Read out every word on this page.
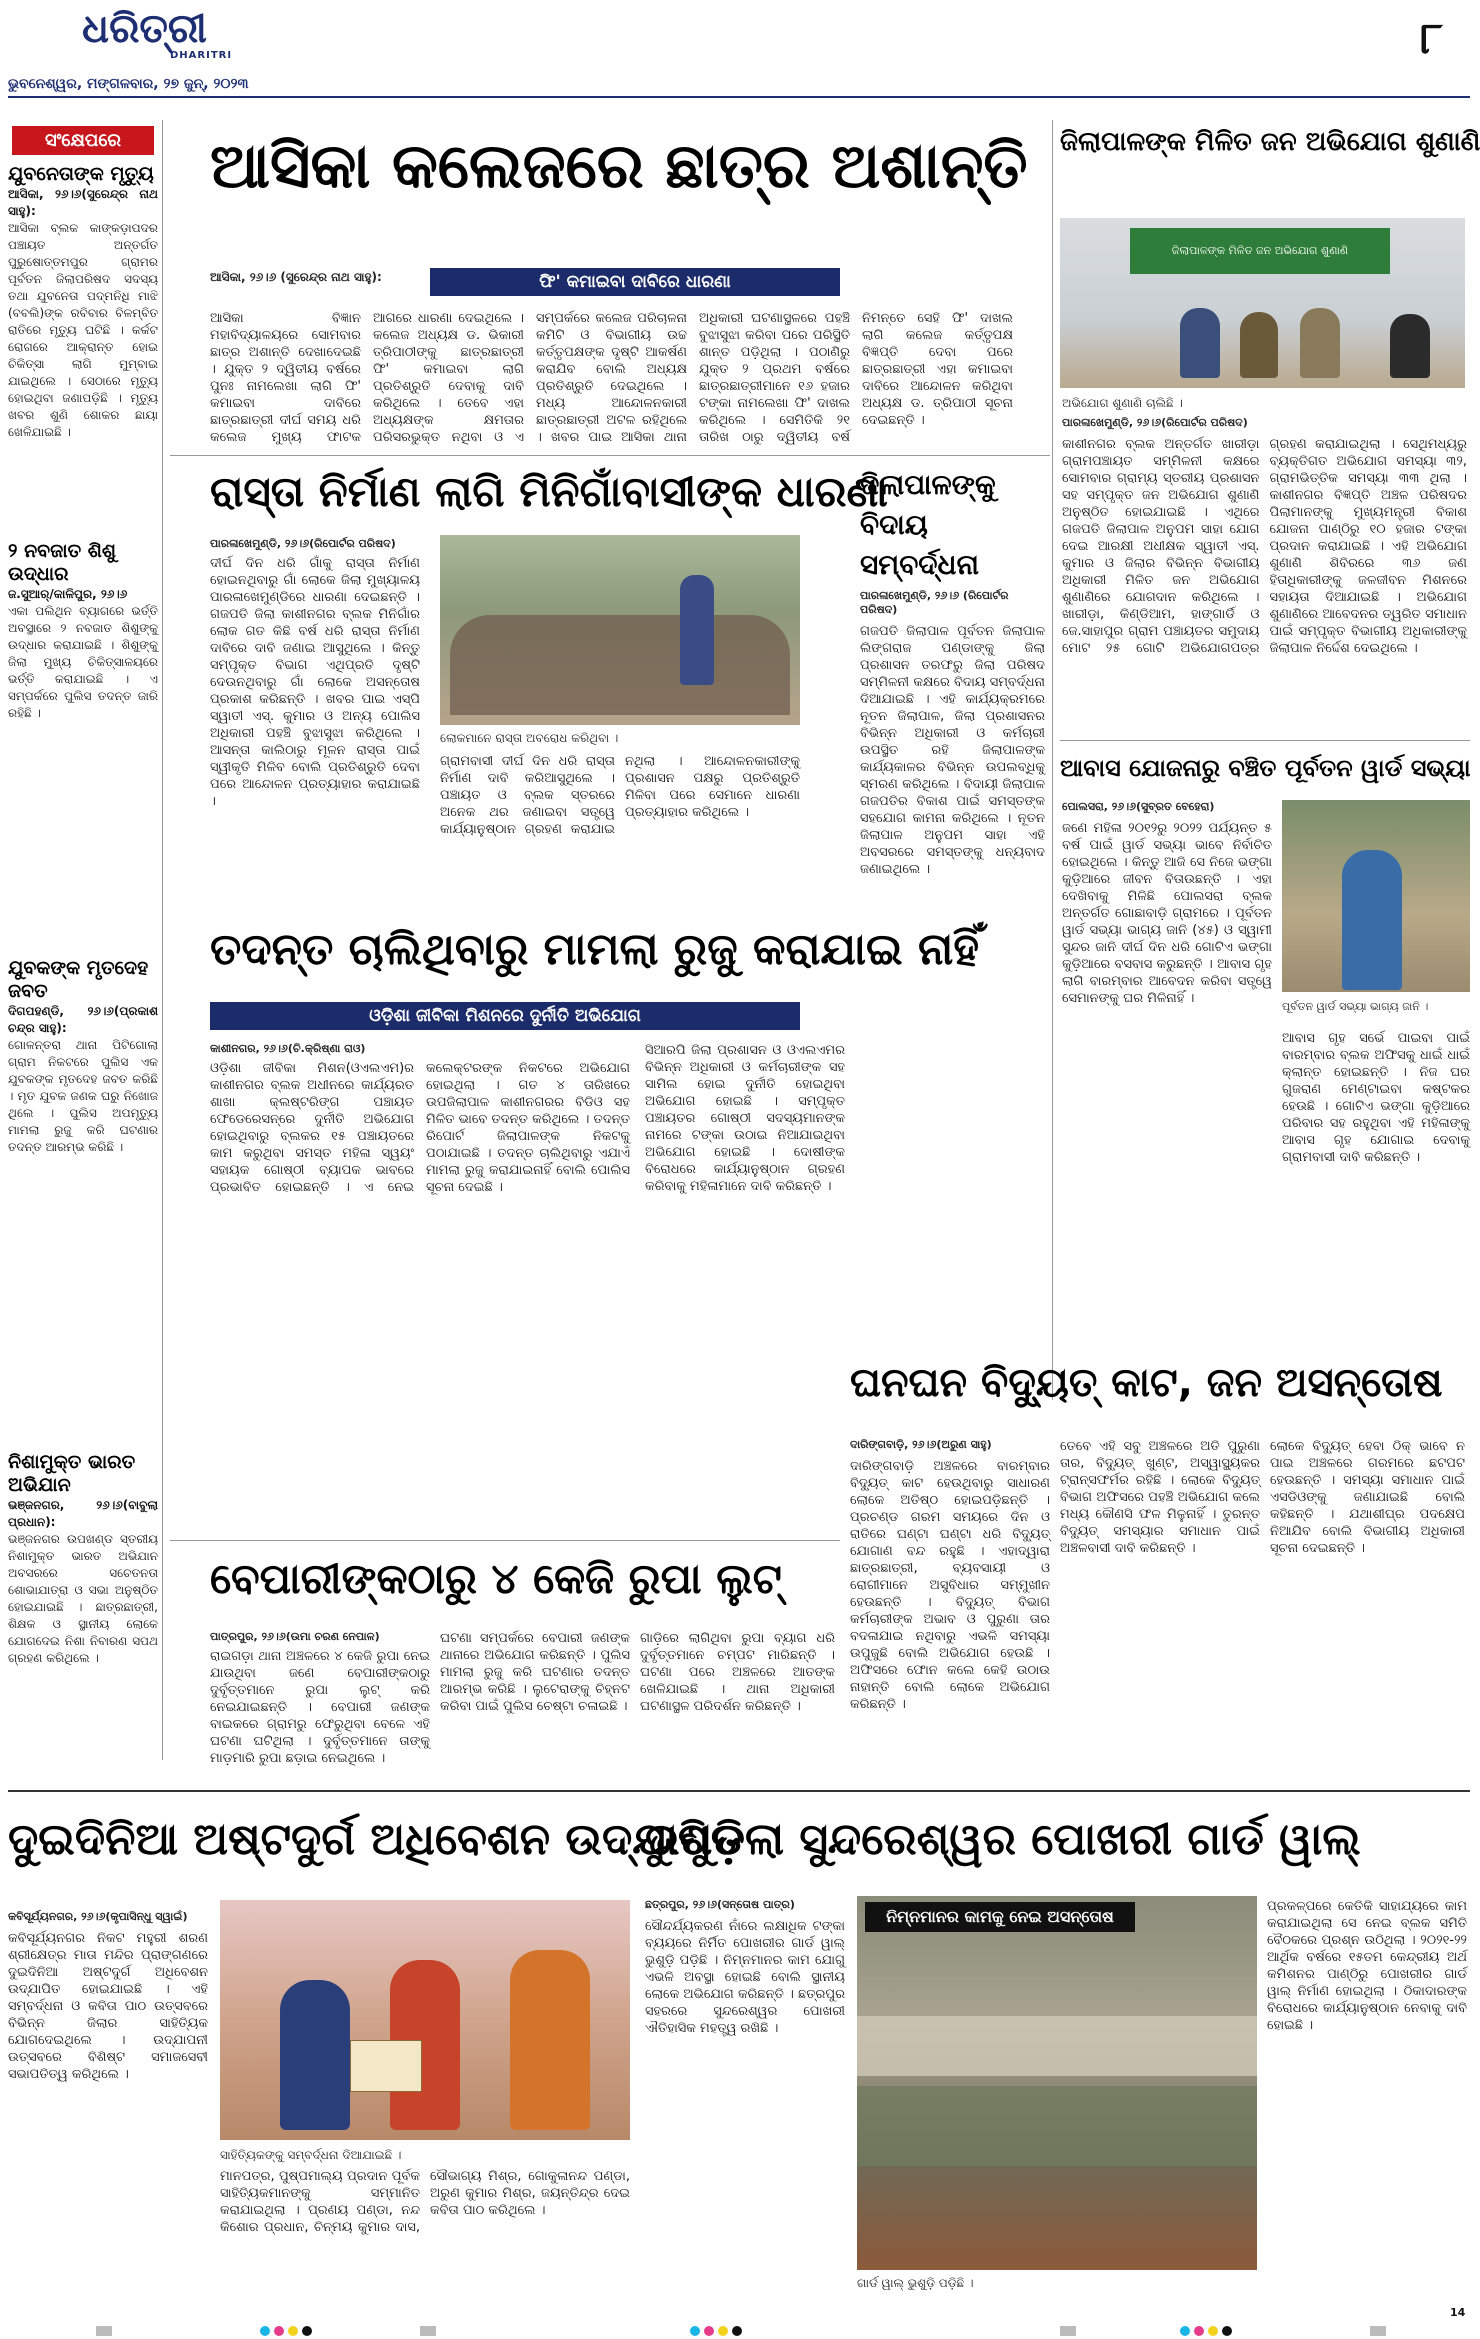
ଧରିତ୍ରୀ
DHARITRI
ଭୁବନେଶ୍ୱର, ମଙ୍ଗଳବାର, ୨୭ ଜୁନ୍, ୨୦୨୩
୮
ସଂକ୍ଷେପରେ
ଯୁବନେତାଙ୍କ ମୃତ୍ୟୁ
ଆସିକା, ୨୬।୬(ସୁରେନ୍ଦ୍ର ନାଥ ସାହୁ):
ଆସିକା ବ୍ଲକ କାଙ୍କଡ଼ାପଦର ପଞ୍ଚାୟତ ଅନ୍ତର୍ଗତ ପୁରୁଷୋତ୍ତମପୁର ଗ୍ରାମର ପୂର୍ବତନ ଜିଲାପରିଷଦ ସଦସ୍ୟ ତଥା ଯୁବନେତା ପଦ୍ମନିଧି ମାଝି (ବବଲି)ଙ୍କ ରବିବାର ବିଳମ୍ବିତ ରାତିରେ ମୃତ୍ୟୁ ଘଟିଛି । କର୍କଟ ରୋଗରେ ଆକ୍ରାନ୍ତ ହୋଇ ଚିକିତ୍ସା ଲାଗି ମୁମ୍ବାଇ ଯାଇଥିଲେ । ସେଠାରେ ମୃତ୍ୟୁ ହୋଇଥିବା ଜଣାପଡ଼ିଛି । ମୃତ୍ୟୁ ଖବର ଶୁଣି ଶୋକର ଛାୟା ଖେଳିଯାଇଛି ।
୨ ନବଜାତ ଶିଶୁ ଉଦ୍ଧାର
ଜ.ସୁଆର୍/କାଳିପୁର, ୨୬।୬
ଏକା ପଲିଥିନ ବ୍ୟାଗରେ ଭର୍ତ୍ତି ଅବସ୍ଥାରେ ୨ ନବଜାତ ଶିଶୁଙ୍କୁ ଉଦ୍ଧାର କରାଯାଇଛି । ଶିଶୁଙ୍କୁ ଜିଲା ମୁଖ୍ୟ ଚିକିତ୍ସାଳୟରେ ଭର୍ତ୍ତି କରାଯାଇଛି । ଏ ସମ୍ପର୍କରେ ପୁଲିସ ତଦନ୍ତ ଜାରି ରହିଛି ।
ଯୁବକଙ୍କ ମୃତଦେହ ଜବତ
ଦିଗପହଣ୍ଡି, ୨୬।୬(ପ୍ରକାଶ ଚନ୍ଦ୍ର ସାହୁ):
ଗୋଳନ୍ତରା ଥାନା ପିଟିଗୋଲା ଗ୍ରାମ ନିକଟରେ ପୁଲିସ ଏକ ଯୁବକଙ୍କ ମୃତଦେହ ଜବତ କରିଛି । ମୃତ ଯୁବକ ଜଣକ ଘରୁ ନିଖୋଜ ଥିଲେ । ପୁଲିସ ଅପମୃତ୍ୟୁ ମାମଲା ରୁଜୁ କରି ଘଟଣାର ତଦନ୍ତ ଆରମ୍ଭ କରିଛି ।
ନିଶାମୁକ୍ତ ଭାରତ ଅଭିଯାନ
ଭଞ୍ଜନଗର, ୨୬।୬(ବାବୁଲା ପ୍ରଧାନ):
ଭଞ୍ଜନଗର ଉପଖଣ୍ଡ ସ୍ତରୀୟ ନିଶାମୁକ୍ତ ଭାରତ ଅଭିଯାନ ଅବସରରେ ସଚେତନତା ଶୋଭାଯାତ୍ରା ଓ ସଭା ଅନୁଷ୍ଠିତ ହୋଇଯାଇଛି । ଛାତ୍ରଛାତ୍ରୀ, ଶିକ୍ଷକ ଓ ସ୍ଥାନୀୟ ଲୋକେ ଯୋଗଦେଇ ନିଶା ନିବାରଣ ସପଥ ଗ୍ରହଣ କରିଥିଲେ ।
ଆସିକା କଲେଜରେ ଛାତ୍ର ଅଶାନ୍ତି
ଆସିକା, ୨୬।୬ (ସୁରେନ୍ଦ୍ର ନାଥ ସାହୁ):	ଫି' କମାଇବା ଦାବିରେ ଧାରଣା
ଆସିକା ବିଜ୍ଞାନ ମହାବିଦ୍ୟାଳୟରେ ସୋମବାର ଛାତ୍ର ଅଶାନ୍ତି ଦେଖାଦେଇଛି । ଯୁକ୍ତ ୨ ଦ୍ୱିତୀୟ ବର୍ଷରେ ପୁନଃ ନାମଲେଖା ଲାଗି ଫି' କମାଇବା ଦାବିରେ ଛାତ୍ରଛାତ୍ରୀ ଦୀର୍ଘ ସମୟ ଧରି କଲେଜ ମୁଖ୍ୟ ଫାଟକ ଆଗରେ ଧାରଣା ଦେଇଥିଲେ । କଲେଜ ଅଧ୍ୟକ୍ଷ ଡ. ଭିକାରୀ ତ୍ରିପାଠୀଙ୍କୁ ଛାତ୍ରଛାତ୍ରୀ ଫି' କମାଇବା ଲାଗି ପ୍ରତିଶ୍ରୁତି ଦେବାକୁ ଦାବି କରିଥିଲେ । ତେବେ ଏହା ଅଧ୍ୟକ୍ଷଙ୍କ କ୍ଷମତାର ପରିସରଭୁକ୍ତ ନଥିବା ଓ ଏ ସମ୍ପର୍କରେ କଲେଜ ପରିଚାଳନା କମିଟି ଓ ବିଭାଗୀୟ ଉଚ୍ଚ କର୍ତ୍ତୃପକ୍ଷଙ୍କ ଦୃଷ୍ଟି ଆକର୍ଷଣ କରାଯିବ ବୋଲି ଅଧ୍ୟକ୍ଷ ପ୍ରତିଶ୍ରୁତି ଦେଇଥିଲେ । ମଧ୍ୟ ଆନ୍ଦୋଳନକାରୀ ଛାତ୍ରଛାତ୍ରୀ ଅଟଳ ରହିଥିଲେ । ଖବର ପାଇ ଆସିକା ଥାନା ଅଧିକାରୀ ଘଟଣାସ୍ଥଳରେ ପହଞ୍ଚି ବୁଝାସୁଝା କରିବା ପରେ ପରିସ୍ଥିତି ଶାନ୍ତ ପଡ଼ିଥିଲା । ପଠାଣିରୁ ଯୁକ୍ତ ୨ ପ୍ରଥମ ବର୍ଷରେ ଛାତ୍ରଛାତ୍ରୀମାନେ ୧୬ ହଜାର ଟଙ୍କା ନାମଲେଖା ଫି' ଦାଖଲ କରିଥିଲେ । ସେମିତିକି ୨୧ ତାରିଖ ଠାରୁ ଦ୍ୱିତୀୟ ବର୍ଷ ନିମନ୍ତେ ସେହି ଫି' ଦାଖଲ ଲାଗି କଲେଜ କର୍ତ୍ତୃପକ୍ଷ ବିଜ୍ଞପ୍ତି ଦେବା ପରେ ଛାତ୍ରଛାତ୍ରୀ ଏହା କମାଇବା ଦାବିରେ ଆନ୍ଦୋଳନ କରିଥିବା ଅଧ୍ୟକ୍ଷ ଡ. ତ୍ରିପାଠୀ ସୂଚନା ଦେଇଛନ୍ତି ।
ଜିଲାପାଳଙ୍କ ମିଳିତ ଜନ ଅଭିଯୋଗ ଶୁଣାଣି
ଜିଲାପାଳଙ୍କ ମିଳିତ ଜନ ଅଭିଯୋଗ ଶୁଣାଣି
ଅଭିଯୋଗ ଶୁଣାଣି ଚାଲିଛି ।
ପାରଳାଖେମୁଣ୍ଡି, ୨୬।୬(ରିପୋର୍ଟର ପରିଷଦ)
କାଶୀନଗର ବ୍ଲକ ଅନ୍ତର୍ଗତ ଖାରୀଡ଼ା ଗ୍ରାମପଞ୍ଚାୟତ ସମ୍ମିଳନୀ କକ୍ଷରେ ସୋମବାର ଗ୍ରାମ୍ୟ ସ୍ତରୀୟ ପ୍ରଶାସନ ସହ ସମ୍ପୃକ୍ତ ଜନ ଅଭିଯୋଗ ଶୁଣାଣି ଅନୁଷ୍ଠିତ ହୋଇଯାଇଛି । ଏଥିରେ ଗଜପତି ଜିଲାପାଳ ଅନୁପମ ସାହା ଯୋଗ ଦେଇ ଆରକ୍ଷୀ ଅଧୀକ୍ଷକ ସ୍ୱାତୀ ଏସ୍. କୁମାର ଓ ଜିଲାର ବିଭିନ୍ନ ବିଭାଗୀୟ ଅଧିକାରୀ ମିଳିତ ଜନ ଅଭିଯୋଗ ଶୁଣାଣିରେ ଯୋଗଦାନ କରିଥିଲେ । ଖାରୀଡ଼ା, କିଣ୍ଡିଆମ, ହାଙ୍ଗାର୍ଡି ଓ ଜେ.ସାହାପୁର ଗ୍ରାମ ପଞ୍ଚାୟତର ସମୁଦାୟ ମୋଟ ୨୫ ଗୋଟି ଅଭିଯୋଗପତ୍ର ଗ୍ରହଣ କରାଯାଇଥିଲା । ସେଥିମଧ୍ୟରୁ ବ୍ୟକ୍ତିଗତ ଅଭିଯୋଗ ସମସ୍ୟା ୩୨, ଗ୍ରାମଭିତ୍ତିକ ସମସ୍ୟା ୩୩ ଥିଲା । କାଶୀନଗର ବିଜ୍ଞପ୍ତି ଅଞ୍ଚଳ ପରିଷଦର ପିଲାମାନଙ୍କୁ ମୁଖ୍ୟମନ୍ତ୍ରୀ ବିକାଶ ଯୋଜନା ପାଣ୍ଠିରୁ ୧୦ ହଜାର ଟଙ୍କା ପ୍ରଦାନ କରାଯାଇଛି । ଏହି ଅଭିଯୋଗ ଶୁଣାଣି ଶିବିରରେ ୩୬ ଜଣ ହିତାଧିକାରୀଙ୍କୁ ଜଳଜୀବନ ମିଶନରେ ସହାୟତା ଦିଆଯାଇଛି । ଅଭିଯୋଗ ଶୁଣାଣିରେ ଆବେଦନର ତ୍ୱରିତ ସମାଧାନ ପାଇଁ ସମ୍ପୃକ୍ତ ବିଭାଗୀୟ ଅଧିକାରୀଙ୍କୁ ଜିଲାପାଳ ନିର୍ଦ୍ଦେଶ ଦେଇଥିଲେ ।
ରାସ୍ତା ନିର୍ମାଣ ଲାଗି ମିନିଗାଁବାସୀଙ୍କ ଧାରଣା
ପାରଳାଖେମୁଣ୍ଡି, ୨୬।୬(ରିପୋର୍ଟର ପରିଷଦ)
ଦୀର୍ଘ ଦିନ ଧରି ଗାଁକୁ ରାସ୍ତା ନିର୍ମାଣ ହୋଇନଥିବାରୁ ଗାଁ ଲୋକେ ଜିଲା ମୁଖ୍ୟାଳୟ ପାରଳାଖେମୁଣ୍ଡିରେ ଧାରଣା ଦେଇଛନ୍ତି । ଗଜପତି ଜିଲା କାଶୀନଗର ବ୍ଲକ ମିନିଗାଁର ଲୋକ ଗତ କିଛି ବର୍ଷ ଧରି ରାସ୍ତା ନିର୍ମାଣ ଦାବିରେ ଦାବି ଜଣାଇ ଆସୁଥିଲେ । କିନ୍ତୁ ସମ୍ପୃକ୍ତ ବିଭାଗ ଏଥିପ୍ରତି ଦୃଷ୍ଟି ଦେଉନଥିବାରୁ ଗାଁ ଲୋକେ ଅସନ୍ତୋଷ ପ୍ରକାଶ କରିଛନ୍ତି । ଖବର ପାଇ ଏସ୍ପି ସ୍ୱାତୀ ଏସ୍. କୁମାର ଓ ଅନ୍ୟ ପୋଲିସ ଅଧିକାରୀ ପହଞ୍ଚି ବୁଝାସୁଝା କରିଥିଲେ । ଆସନ୍ତା କାଲିଠାରୁ ମୂଳନ ରାସ୍ତା ପାଇଁ ସ୍ୱୀକୃତି ମିଳିବ ବୋଲି ପ୍ରତିଶ୍ରୁତି ଦେବା ପରେ ଆନ୍ଦୋଳନ ପ୍ରତ୍ୟାହାର କରାଯାଇଛି ।
ଲୋକମାନେ ରାସ୍ତା ଅବରୋଧ କରିଥିବା ।
ଗ୍ରାମବାସୀ ଦୀର୍ଘ ଦିନ ଧରି ରାସ୍ତା ନିର୍ମାଣ ଦାବି କରିଆସୁଥିଲେ । ପଞ୍ଚାୟତ ଓ ବ୍ଲକ ସ୍ତରରେ ଅନେକ ଥର ଜଣାଇବା ସତ୍ତ୍ୱେ କାର୍ଯ୍ୟାନୁଷ୍ଠାନ ଗ୍ରହଣ କରାଯାଇ ନଥିଲା । ଆନ୍ଦୋଳନକାରୀଙ୍କୁ ପ୍ରଶାସନ ପକ୍ଷରୁ ପ୍ରତିଶ୍ରୁତି ମିଳିବା ପରେ ସେମାନେ ଧାରଣା ପ୍ରତ୍ୟାହାର କରିଥିଲେ ।
ଜିଲାପାଳଙ୍କୁ ବିଦାୟ ସମ୍ବର୍ଦ୍ଧନା
ପାରଳାଖେମୁଣ୍ଡି, ୨୬।୬ (ରିପୋର୍ଟର ପରିଷଦ)
ଗଜପତି ଜିଲାପାଳ ପୂର୍ବତନ ଜିଲାପାଳ ଲିଙ୍ଗରାଜ ପଣ୍ଡାଙ୍କୁ ଜିଲା ପ୍ରଶାସନ ତରଫରୁ ଜିଲା ପରିଷଦ ସମ୍ମିଳନୀ କକ୍ଷରେ ବିଦାୟ ସମ୍ବର୍ଦ୍ଧନା ଦିଆଯାଇଛି । ଏହି କାର୍ଯ୍ୟକ୍ରମରେ ନୂତନ ଜିଲାପାଳ, ଜିଲା ପ୍ରଶାସନର ବିଭିନ୍ନ ଅଧିକାରୀ ଓ କର୍ମଚାରୀ ଉପସ୍ଥିତ ରହି ଜିଲାପାଳଙ୍କ କାର୍ଯ୍ୟକାଳର ବିଭିନ୍ନ ଉପଲବ୍ଧିକୁ ସ୍ମରଣ କରିଥିଲେ । ବିଦାୟୀ ଜିଲାପାଳ ଗଜପତିର ବିକାଶ ପାଇଁ ସମସ୍ତଙ୍କ ସହଯୋଗ କାମନା କରିଥିଲେ । ନୂତନ ଜିଲାପାଳ ଅନୁପମ ସାହା ଏହି ଅବସରରେ ସମସ୍ତଙ୍କୁ ଧନ୍ୟବାଦ ଜଣାଇଥିଲେ ।
ଆବାସ ଯୋଜନାରୁ ବଞ୍ଚିତ ପୂର୍ବତନ ୱାର୍ଡ ସଭ୍ୟା
ପୋଲସରା, ୨୬।୬(ସୁବ୍ରତ ବେହେରା)
ଜଣେ ମହିଳା ୨୦୧୨ରୁ ୨୦୨୨ ପର୍ଯ୍ୟନ୍ତ ୫ ବର୍ଷ ପାଇଁ ୱାର୍ଡ ସଭ୍ୟା ଭାବେ ନିର୍ବାଚିତ ହୋଇଥିଲେ । କିନ୍ତୁ ଆଜି ସେ ନିଜେ ଭଙ୍ଗା କୁଡ଼ିଆରେ ଜୀବନ ବିତାଉଛନ୍ତି । ଏହା ଦେଖିବାକୁ ମିଳିଛି ପୋଲସରା ବ୍ଲକ ଅନ୍ତର୍ଗତ ଗୋଛାବାଡ଼ି ଗ୍ରାମରେ । ପୂର୍ବତନ ୱାର୍ଡ ସଭ୍ୟା ଭାଗ୍ୟ ଜାନି (୪୫) ଓ ସ୍ୱାମୀ ସୁନ୍ଦର ଜାନି ଦୀର୍ଘ ଦିନ ଧରି ଗୋଟିଏ ଭଙ୍ଗା କୁଡ଼ିଆରେ ବସବାସ କରୁଛନ୍ତି । ଆବାସ ଗୃହ ଲାଗି ବାରମ୍ବାର ଆବେଦନ କରିବା ସତ୍ତ୍ୱେ ସେମାନଙ୍କୁ ଘର ମିଳିନାହିଁ ।
ପୂର୍ବତନ ୱାର୍ଡ ସଭ୍ୟା ଭାଗ୍ୟ ଜାନି ।
ଆବାସ ଗୃହ ସର୍ଭେ ପାଇବା ପାଇଁ ବାରମ୍ବାର ବ୍ଲକ ଅଫିସକୁ ଧାଇଁ ଧାଇଁ କ୍ଲାନ୍ତ ହୋଇଛନ୍ତି । ନିଜ ଘର ଗୁଜରାଣ ମେଣ୍ଟାଇବା କଷ୍ଟକର ହେଉଛି । ଗୋଟିଏ ଭଙ୍ଗା କୁଡ଼ିଆରେ ପରିବାର ସହ ରହୁଥିବା ଏହି ମହିଳାଙ୍କୁ ଆବାସ ଗୃହ ଯୋଗାଇ ଦେବାକୁ ଗ୍ରାମବାସୀ ଦାବି କରିଛନ୍ତି ।
ତଦନ୍ତ ଚାଲିଥିବାରୁ ମାମଲା ରୁଜୁ କରାଯାଇ ନାହିଁ
ଓଡ଼ିଶା ଜୀବିକା ମିଶନରେ ଦୁର୍ନୀତି ଅଭିଯୋଗ
କାଶୀନଗର, ୨୬।୬(ଚି.କ୍ରିଷ୍ଣା ରାଓ)
ଓଡ଼ିଶା ଜୀବିକା ମିଶନ(ଓଏଲଏମ)ର କାଶୀନଗର ବ୍ଲକ ଅଧୀନରେ କାର୍ଯ୍ୟରତ ଶାଖା କ୍ଲଷ୍ଟରିଙ୍ଗ ପଞ୍ଚାୟତ ଫେଡେରେସନ୍ରେ ଦୁର୍ନୀତି ଅଭିଯୋଗ ହୋଇଥିବାରୁ ବ୍ଲକର ୧୫ ପଞ୍ଚାୟତରେ କାମ କରୁଥିବା ସମସ୍ତ ମହିଳା ସ୍ୱୟଂ ସହାୟକ ଗୋଷ୍ଠୀ ବ୍ୟାପକ ଭାବରେ ପ୍ରଭାବିତ ହୋଇଛନ୍ତି । ଏ ନେଇ କଲେକ୍ଟରଙ୍କ ନିକଟରେ ଅଭିଯୋଗ ହୋଇଥିଲା । ଗତ ୪ ତାରିଖରେ ଉପଜିଲାପାଳ କାଶୀନଗରର ବିଡିଓ ସହ ମିଳିତ ଭାବେ ତଦନ୍ତ କରିଥିଲେ । ତଦନ୍ତ ରିପୋର୍ଟ ଜିଲାପାଳଙ୍କ ନିକଟକୁ ପଠାଯାଇଛି । ତଦନ୍ତ ଚାଲିଥିବାରୁ ଏଯାଏଁ ମାମଲା ରୁଜୁ କରାଯାଇନାହିଁ ବୋଲି ପୋଲିସ ସୂଚନା ଦେଇଛି ।
ସିଆରପି ଜିଲା ପ୍ରଶାସନ ଓ ଓଏଲଏମର ବିଭିନ୍ନ ଅଧିକାରୀ ଓ କର୍ମଚାରୀଙ୍କ ସହ ସାମିଲ ହୋଇ ଦୁର୍ନୀତି ହୋଇଥିବା ଅଭିଯୋଗ ହୋଇଛି । ସମ୍ପୃକ୍ତ ପଞ୍ଚାୟତର ଗୋଷ୍ଠୀ ସଦସ୍ୟମାନଙ୍କ ନାମରେ ଟଙ୍କା ଉଠାଇ ନିଆଯାଇଥିବା ଅଭିଯୋଗ ହୋଇଛି । ଦୋଷୀଙ୍କ ବିରୋଧରେ କାର୍ଯ୍ୟାନୁଷ୍ଠାନ ଗ୍ରହଣ କରିବାକୁ ମହିଳାମାନେ ଦାବି କରିଛନ୍ତି ।
ଘନଘନ ବିଦ୍ୟୁତ୍ କାଟ, ଜନ ଅସନ୍ତୋଷ
ଦାରିଙ୍ଗବାଡ଼ି, ୨୬।୬(ଅରୁଣ ସାହୁ)
ଦାରିଙ୍ଗବାଡ଼ି ଅଞ୍ଚଳରେ ବାରମ୍ବାର ବିଦ୍ୟୁତ୍ କାଟ ହେଉଥିବାରୁ ସାଧାରଣ ଲୋକେ ଅତିଷ୍ଠ ହୋଇପଡ଼ିଛନ୍ତି । ପ୍ରଚଣ୍ଡ ଗରମ ସମୟରେ ଦିନ ଓ ରାତିରେ ଘଣ୍ଟା ଘଣ୍ଟା ଧରି ବିଦ୍ୟୁତ୍ ଯୋଗାଣ ବନ୍ଦ ରହୁଛି । ଏହାଦ୍ୱାରା ଛାତ୍ରଛାତ୍ରୀ, ବ୍ୟବସାୟୀ ଓ ରୋଗୀମାନେ ଅସୁବିଧାର ସମ୍ମୁଖୀନ ହେଉଛନ୍ତି । ବିଦ୍ୟୁତ୍ ବିଭାଗ କର୍ମଚାରୀଙ୍କ ଅଭାବ ଓ ପୁରୁଣା ତାର ବଦଳାଯାଇ ନଥିବାରୁ ଏଭଳି ସମସ୍ୟା ଉପୁଜୁଛି ବୋଲି ଅଭିଯୋଗ ହେଉଛି । ଅଫିସରେ ଫୋନ କଲେ କେହି ଉଠାଉ ନାହାନ୍ତି ବୋଲି ଲୋକେ ଅଭିଯୋଗ କରିଛନ୍ତି ।
ତେବେ ଏହି ସବୁ ଅଞ୍ଚଳରେ ଅତି ପୁରୁଣା ତାର, ବିଦ୍ୟୁତ୍ ଖୁଣ୍ଟ, ଅସ୍ୱାସ୍ଥ୍ୟକର ଟ୍ରାନ୍ସଫର୍ମର ରହିଛି । ଲୋକେ ବିଦ୍ୟୁତ୍ ବିଭାଗ ଅଫିସରେ ପହଞ୍ଚି ଅଭିଯୋଗ କଲେ ମଧ୍ୟ କୌଣସି ଫଳ ମିଳୁନାହିଁ । ତୁରନ୍ତ ବିଦ୍ୟୁତ୍ ସମସ୍ୟାର ସମାଧାନ ପାଇଁ ଅଞ୍ଚଳବାସୀ ଦାବି କରିଛନ୍ତି ।
ଲୋକେ ବିଦ୍ୟୁତ୍ ହେବା ଠିକ୍ ଭାବେ ନ ପାଇ ଅଞ୍ଚଳରେ ଗରମରେ ଛଟପଟ ହେଉଛନ୍ତି । ସମସ୍ୟା ସମାଧାନ ପାଇଁ ଏସଡିଓଙ୍କୁ ଜଣାଯାଇଛି ବୋଲି କହିଛନ୍ତି । ଯଥାଶୀଘ୍ର ପଦକ୍ଷେପ ନିଆଯିବ ବୋଲି ବିଭାଗୀୟ ଅଧିକାରୀ ସୂଚନା ଦେଇଛନ୍ତି ।
ବେପାରୀଙ୍କଠାରୁ ୪ କେଜି ରୁପା ଲୁଟ୍
ପାତ୍ରପୁର, ୨୬।୬(ଉମା ଚରଣ ନେପାଳ)
ରାଇଗଡ଼ା ଥାନା ଅଞ୍ଚଳରେ ୪ କେଜି ରୁପା ନେଇ ଯାଉଥିବା ଜଣେ ବେପାରୀଙ୍କଠାରୁ ଦୁର୍ବୃତ୍ତମାନେ ରୁପା ଲୁଟ୍ କରି ନେଇଯାଇଛନ୍ତି । ବେପାରୀ ଜଣଙ୍କ ବାଇକରେ ଗ୍ରାମରୁ ଫେରୁଥିବା ବେଳେ ଏହି ଘଟଣା ଘଟିଥିଲା । ଦୁର୍ବୃତ୍ତମାନେ ତାଙ୍କୁ ମାଡ଼ମାରି ରୁପା ଛଡ଼ାଇ ନେଇଥିଲେ ।
ଘଟଣା ସମ୍ପର୍କରେ ବେପାରୀ ଜଣଙ୍କ ଥାନାରେ ଅଭିଯୋଗ କରିଛନ୍ତି । ପୁଲିସ ମାମଲା ରୁଜୁ କରି ଘଟଣାର ତଦନ୍ତ ଆରମ୍ଭ କରିଛି । ଲୁଟେରାଙ୍କୁ ଚିହ୍ନଟ କରିବା ପାଇଁ ପୁଲିସ ଚେଷ୍ଟା ଚଳାଇଛି ।
ଗାଡ଼ିରେ ଲାଗିଥିବା ରୁପା ବ୍ୟାଗ ଧରି ଦୁର୍ବୃତ୍ତମାନେ ଚମ୍ପଟ ମାରିଛନ୍ତି । ଘଟଣା ପରେ ଅଞ୍ଚଳରେ ଆତଙ୍କ ଖେଳିଯାଇଛି । ଥାନା ଅଧିକାରୀ ଘଟଣାସ୍ଥଳ ପରିଦର୍ଶନ କରିଛନ୍ତି ।
ଦୁଇଦିନିଆ ଅଷ୍ଟଦୁର୍ଗ ଅଧିବେଶନ ଉଦ୍ଯାପିତ
କବିସୂର୍ଯ୍ୟନଗର, ୨୬।୬(କୃପାସିନ୍ଧୁ ସ୍ୱାଇଁ)
କବିସୂର୍ଯ୍ୟନଗର ନିକଟ ମହୁରୀ ଶରଣ ଶ୍ରୀକ୍ଷେତ୍ର ମାତା ମନ୍ଦିର ପ୍ରାଙ୍ଗଣରେ ଦୁଇଦିନିଆ ଅଷ୍ଟଦୁର୍ଗ ଅଧିବେଶନ ଉଦ୍ଯାପିତ ହୋଇଯାଇଛି । ଏହି ସମ୍ବର୍ଦ୍ଧନା ଓ କବିତା ପାଠ ଉତ୍ସବରେ ବିଭିନ୍ନ ଜିଲାର ସାହିତ୍ୟିକ ଯୋଗଦେଇଥିଲେ । ଉଦ୍ଯାପନୀ ଉତ୍ସବରେ ବିଶିଷ୍ଟ ସମାଜସେବୀ ସଭାପତିତ୍ୱ କରିଥିଲେ ।
ସାହିତ୍ୟିକଙ୍କୁ ସମ୍ବର୍ଦ୍ଧନା ଦିଆଯାଇଛି ।
ମାନପତ୍ର, ପୁଷ୍ପମାଲ୍ୟ ପ୍ରଦାନ ପୂର୍ବକ ସାହିତ୍ୟିକମାନଙ୍କୁ ସମ୍ମାନିତ କରାଯାଇଥିଲା । ପ୍ରଣୟ ପଣ୍ଡା, ନନ୍ଦ କିଶୋର ପ୍ରଧାନ, ଚିନ୍ମୟ କୁମାର ଦାସ, ସୌଭାଗ୍ୟ ମିଶ୍ର, ଗୋକୁଳାନନ୍ଦ ପଣ୍ଡା, ଅରୁଣ କୁମାର ମିଶ୍ର, ଜୟନ୍ତିନ୍ଦ୍ର ଦେଇ କବିତା ପାଠ କରିଥିଲେ ।
ଭୁଶୁଡ଼ିଲା ସୁନ୍ଦରେଶ୍ୱର ପୋଖରୀ ଗାର୍ଡ ୱାଲ୍
ଛତ୍ରପୁର, ୨୬।୬(ସନ୍ତୋଷ ପାତ୍ର)
ସୌନ୍ଦର୍ଯ୍ୟକରଣ ନାଁରେ ଲକ୍ଷାଧିକ ଟଙ୍କା ବ୍ୟୟରେ ନିର୍ମିତ ପୋଖରୀର ଗାର୍ଡ ୱାଲ୍ ଭୁଶୁଡ଼ି ପଡ଼ିଛି । ନିମ୍ନମାନର କାମ ଯୋଗୁ ଏଭଳି ଅବସ୍ଥା ହୋଇଛି ବୋଲି ସ୍ଥାନୀୟ ଲୋକେ ଅଭିଯୋଗ କରିଛନ୍ତି । ଛତ୍ରପୁର ସହରରେ ସୁନ୍ଦରେଶ୍ୱର ପୋଖରୀ ଐତିହାସିକ ମହତ୍ତ୍ୱ ରଖିଛି ।
ନିମ୍ନମାନର କାମକୁ ନେଇ ଅସନ୍ତୋଷ
ଗାର୍ଡ ୱାଲ୍ ଭୁଶୁଡ଼ି ପଡ଼ିଛି ।
ପ୍ରକଳ୍ପରେ କେତିକି ସାହାଯ୍ୟରେ କାମ କରାଯାଇଥିଲା ସେ ନେଇ ବ୍ଲକ ସମିତି ବୈଠକରେ ପ୍ରଶ୍ନ ଉଠିଥିଲା । ୨୦୨୧-୨୨ ଆର୍ଥିକ ବର୍ଷରେ ୧୫ତମ କେନ୍ଦ୍ରୀୟ ଅର୍ଥ କମିଶନର ପାଣ୍ଠିରୁ ପୋଖରୀର ଗାର୍ଡ ୱାଲ୍ ନିର୍ମାଣ ହୋଇଥିଲା । ଠିକାଦାରଙ୍କ ବିରୋଧରେ କାର୍ଯ୍ୟାନୁଷ୍ଠାନ ନେବାକୁ ଦାବି ହୋଇଛି ।
14
